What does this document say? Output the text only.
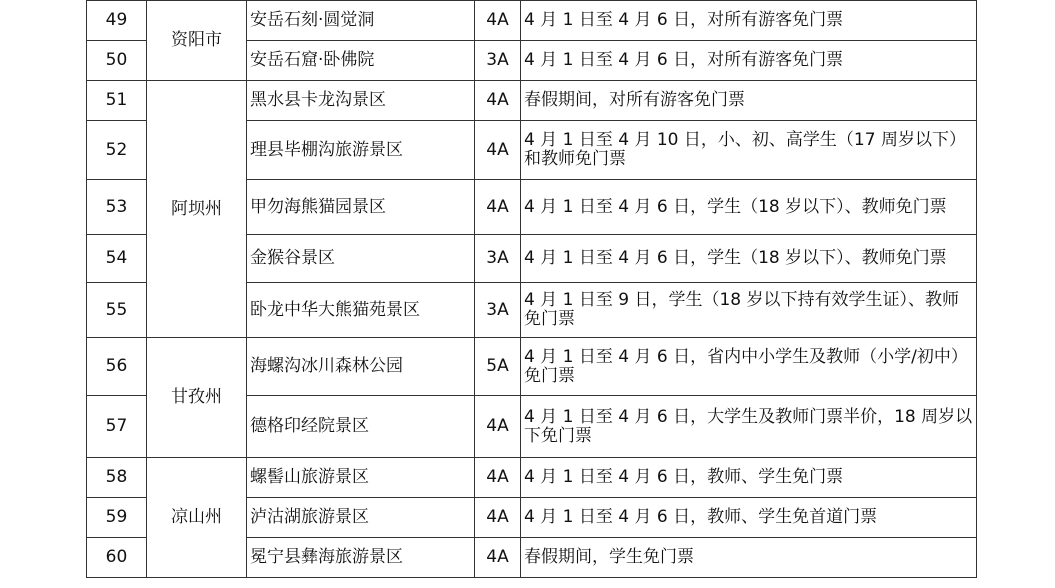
49	资阳市	安岳石刻·圆觉洞	4A	4 月 1 日至 4 月 6 日，对所有游客免门票
50		安岳石窟·卧佛院	3A	4 月 1 日至 4 月 6 日，对所有游客免门票
51	阿坝州	黑水县卡龙沟景区	4A	春假期间，对所有游客免门票
52		理县毕棚沟旅游景区	4A	4 月 1 日至 4 月 10 日，小、初、高学生（17 周岁以下）和教师免门票
53		甲勿海熊猫园景区	4A	4 月 1 日至 4 月 6 日，学生（18 岁以下）、教师免门票
54		金猴谷景区	3A	4 月 1 日至 4 月 6 日，学生（18 岁以下）、教师免门票
55		卧龙中华大熊猫苑景区	3A	4 月 1 日至 9 日，学生（18 岁以下持有效学生证）、教师免门票
56	甘孜州	海螺沟冰川森林公园	5A	4 月 1 日至 4 月 6 日，省内中小学生及教师（小学/初中）免门票
57		德格印经院景区	4A	4 月 1 日至 4 月 6 日，大学生及教师门票半价，18 周岁以下免门票
58	凉山州	螺髻山旅游景区	4A	4 月 1 日至 4 月 6 日，教师、学生免门票
59		泸沽湖旅游景区	4A	4 月 1 日至 4 月 6 日，教师、学生免首道门票
60		冕宁县彝海旅游景区	4A	春假期间，学生免门票
